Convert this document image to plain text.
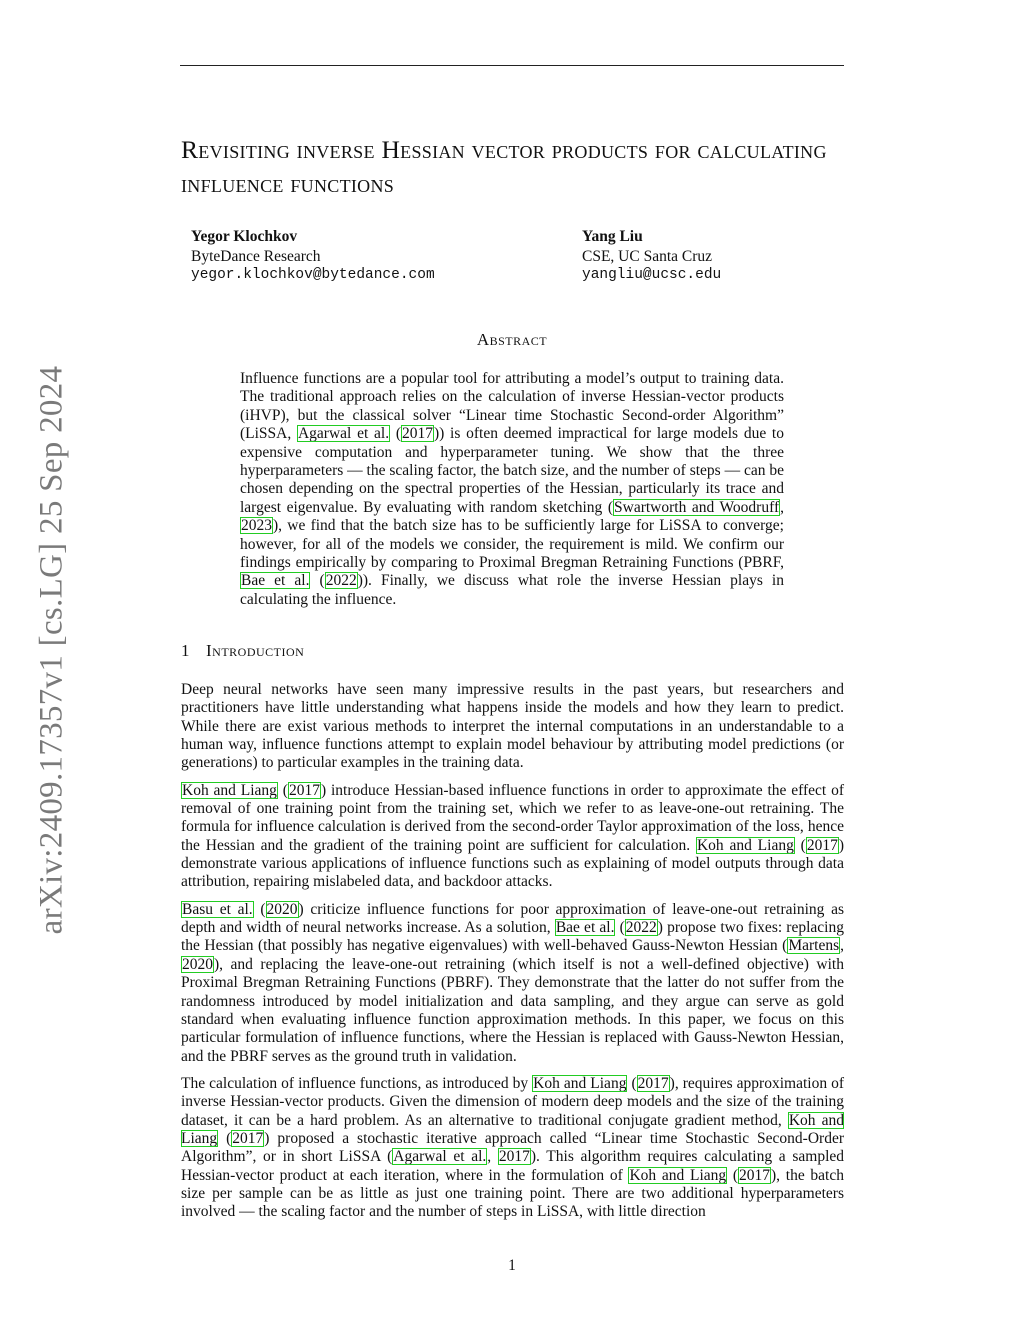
arXiv:2409.17357v1 [cs.LG] 25 Sep 2024
Revisiting inverse Hessian vector products for calculating influence functions
Yegor Klochkov
ByteDance Research
yegor.klochkov@bytedance.com
Yang Liu
CSE, UC Santa Cruz
yangliu@ucsc.edu
Abstract

Influence functions are a popular tool for attributing a model’s output to training data. The traditional approach relies on the calculation of inverse Hessian-vector products (iHVP), but the classical solver “Linear time Stochastic Second-order Algorithm” (LiSSA, Agarwal et al. (2017)) is often deemed impractical for large models due to expensive computation and hyperparameter tuning. We show that the three hyperparameters — the scaling factor, the batch size, and the number of steps — can be chosen depending on the spectral properties of the Hessian, particularly its trace and largest eigenvalue. By evaluating with random sketching (Swartworth and Woodruff, 2023), we find that the batch size has to be sufficiently large for LiSSA to converge; however, for all of the models we consider, the requirement is mild. We confirm our findings empirically by comparing to Proximal Bregman Retraining Functions (PBRF, Bae et al. (2022)). Finally, we discuss what role the inverse Hessian plays in calculating the influence.

1 Introduction

Deep neural networks have seen many impressive results in the past years, but researchers and practitioners have little understanding what happens inside the models and how they learn to predict. While there are exist various methods to interpret the internal computations in an understandable to a human way, influence functions attempt to explain model behaviour by attributing model predictions (or generations) to particular examples in the training data.

Koh and Liang (2017) introduce Hessian-based influence functions in order to approximate the effect of removal of one training point from the training set, which we refer to as leave-one-out retraining. The formula for influence calculation is derived from the second-order Taylor approximation of the loss, hence the Hessian and the gradient of the training point are sufficient for calculation. Koh and Liang (2017) demonstrate various applications of influence functions such as explaining of model outputs through data attribution, repairing mislabeled data, and backdoor attacks.

Basu et al. (2020) criticize influence functions for poor approximation of leave-one-out retraining as depth and width of neural networks increase. As a solution, Bae et al. (2022) propose two fixes: replacing the Hessian (that possibly has negative eigenvalues) with well-behaved Gauss-Newton Hessian (Martens, 2020), and replacing the leave-one-out retraining (which itself is not a well-defined objective) with Proximal Bregman Retraining Functions (PBRF). They demonstrate that the latter do not suffer from the randomness introduced by model initialization and data sampling, and they argue can serve as gold standard when evaluating influence function approximation methods. In this paper, we focus on this particular formulation of influence functions, where the Hessian is replaced with Gauss-Newton Hessian, and the PBRF serves as the ground truth in validation.

The calculation of influence functions, as introduced by Koh and Liang (2017), requires approximation of inverse Hessian-vector products. Given the dimension of modern deep models and the size of the training dataset, it can be a hard problem. As an alternative to traditional conjugate gradient method, Koh and Liang (2017) proposed a stochastic iterative approach called “Linear time Stochastic Second-Order Algorithm”, or in short LiSSA (Agarwal et al., 2017). This algorithm requires calculating a sampled Hessian-vector product at each iteration, where in the formulation of Koh and Liang (2017), the batch size per sample can be as little as just one training point. There are two additional hyperparameters involved — the scaling factor and the number of steps in LiSSA, with little direction

1
